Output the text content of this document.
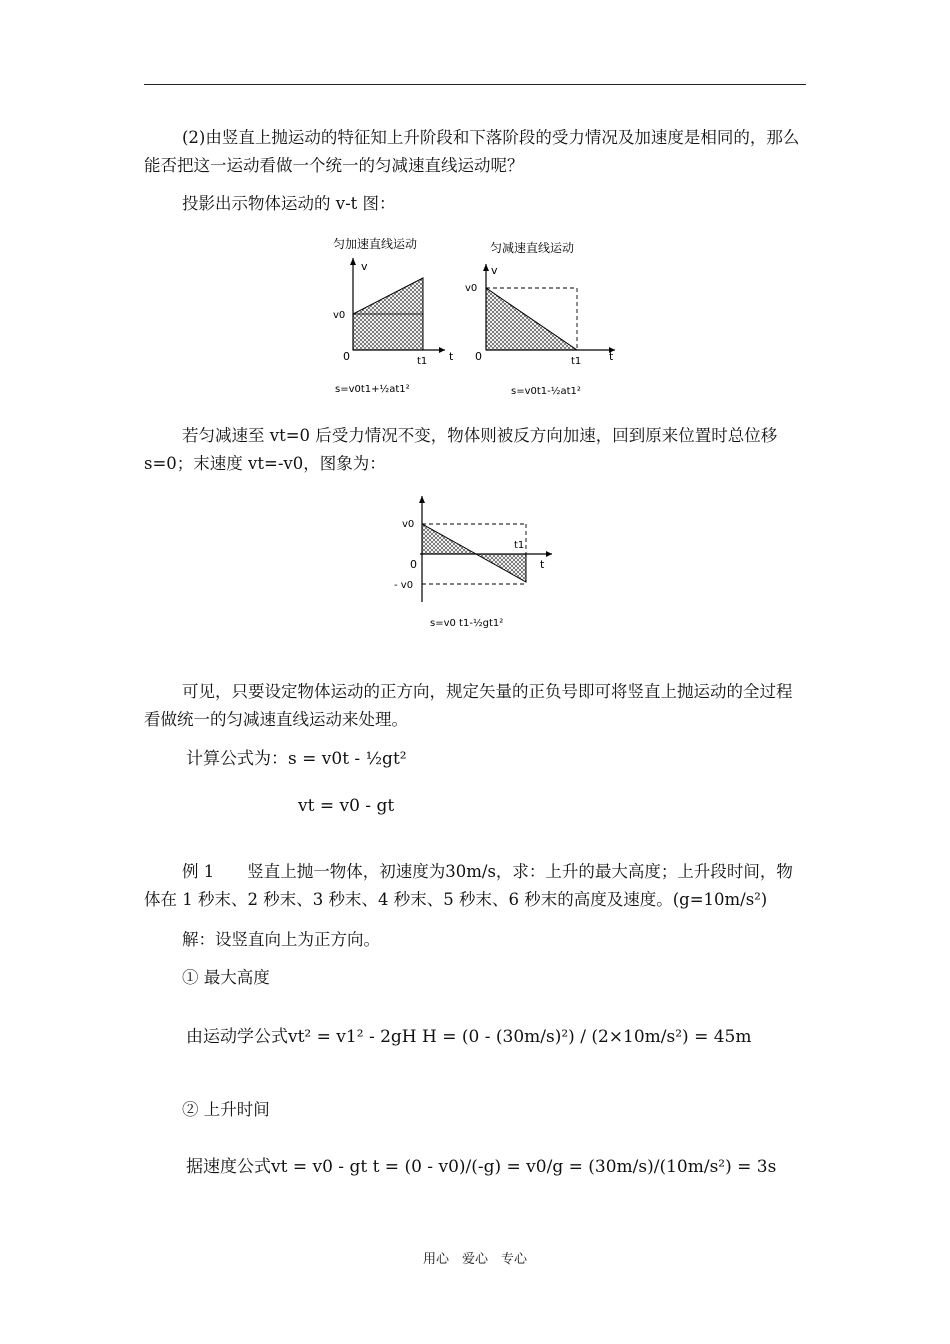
(2)由竖直上抛运动的特征知上升阶段和下落阶段的受力情况及加速度是相同的，那么能否把这一运动看做一个统一的匀减速直线运动呢？

投影出示物体运动的 v-t 图：

匀加速直线运动
v
v0
0	t1 t
s=v0t1+½at1²
匀减速直线运动
v
v0
0	t1	t
s=v0t1-½at1²

若匀减速至 vt=0 后受力情况不变，物体则被反方向加速，回到原来位置时总位移 s=0；末速度 vt=-v0，图象为：

v0
- v0
0
t1
t
s=v0 t1-½gt1²

可见，只要设定物体运动的正方向，规定矢量的正负号即可将竖直上抛运动的全过程看做统一的匀减速直线运动来处理。

计算公式为：s = v0t - ½gt²
vt = v0 - gt

例 1　　竖直上抛一物体，初速度为30m/s，求：上升的最大高度；上升段时间，物体在 1 秒末、2 秒末、3 秒末、4 秒末、5 秒末、6 秒末的高度及速度。(g=10m/s²)

解：设竖直向上为正方向。

① 最大高度
由运动学公式vt² = v1² - 2gH H = (0 - (30m/s)²) / (2×10m/s²) = 45m
② 上升时间
据速度公式vt = v0 - gt t = (0 - v0)/(-g) = v0/g = (30m/s)/(10m/s²) = 3s
用心　爱心　专心
